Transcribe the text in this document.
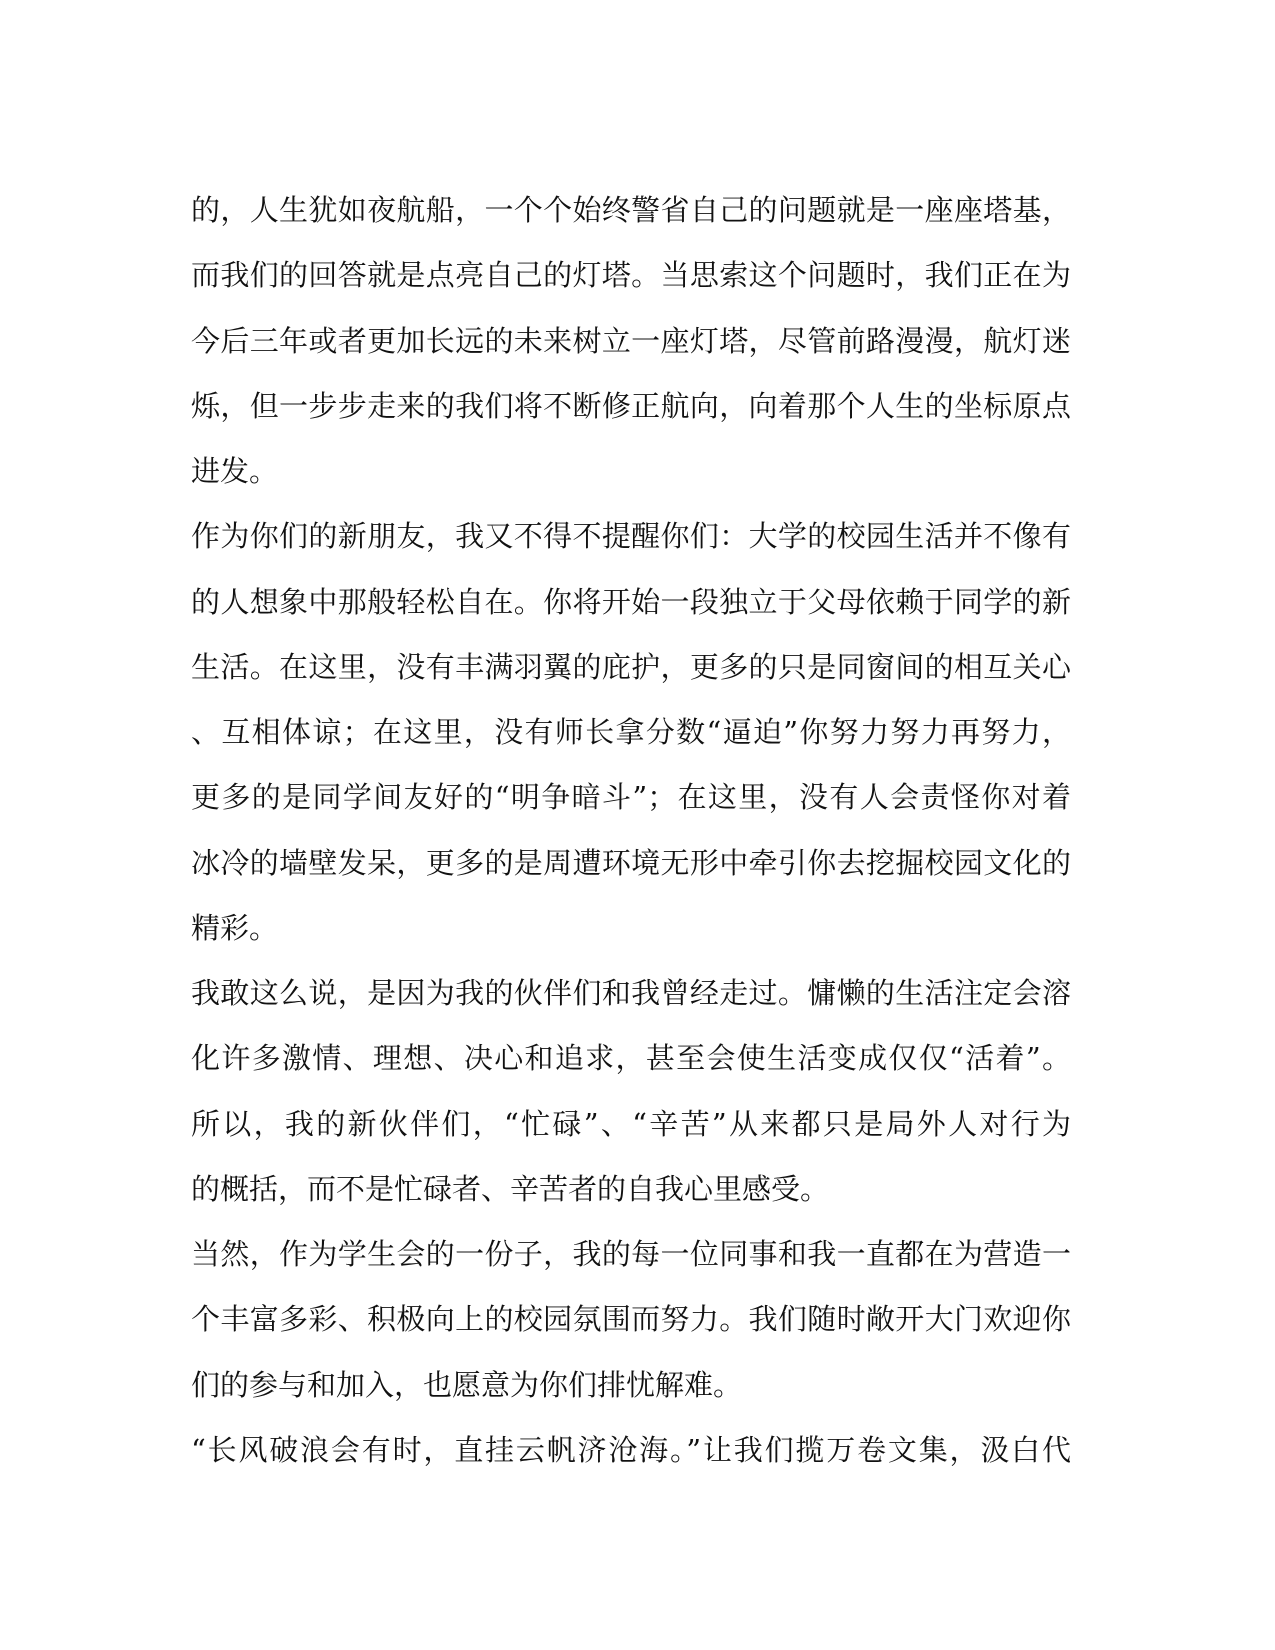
的，人生犹如夜航船，一个个始终警省自己的问题就是一座座塔基，
而我们的回答就是点亮自己的灯塔。当思索这个问题时，我们正在为
今后三年或者更加长远的未来树立一座灯塔，尽管前路漫漫，航灯迷
烁，但一步步走来的我们将不断修正航向，向着那个人生的坐标原点
进发。
作为你们的新朋友，我又不得不提醒你们：大学的校园生活并不像有
的人想象中那般轻松自在。你将开始一段独立于父母依赖于同学的新
生活。在这里，没有丰满羽翼的庇护，更多的只是同窗间的相互关心
、互相体谅；在这里，没有师长拿分数“逼迫”你努力努力再努力，
更多的是同学间友好的“明争暗斗”；在这里，没有人会责怪你对着
冰冷的墙壁发呆，更多的是周遭环境无形中牵引你去挖掘校园文化的
精彩。
我敢这么说，是因为我的伙伴们和我曾经走过。慵懒的生活注定会溶
化许多激情、理想、决心和追求，甚至会使生活变成仅仅“活着”。
所以，我的新伙伴们，“忙碌”、“辛苦”从来都只是局外人对行为
的概括，而不是忙碌者、辛苦者的自我心里感受。
当然，作为学生会的一份子，我的每一位同事和我一直都在为营造一
个丰富多彩、积极向上的校园氛围而努力。我们随时敞开大门欢迎你
们的参与和加入，也愿意为你们排忧解难。
“长风破浪会有时，直挂云帆济沧海。”让我们揽万卷文集，汲白代
